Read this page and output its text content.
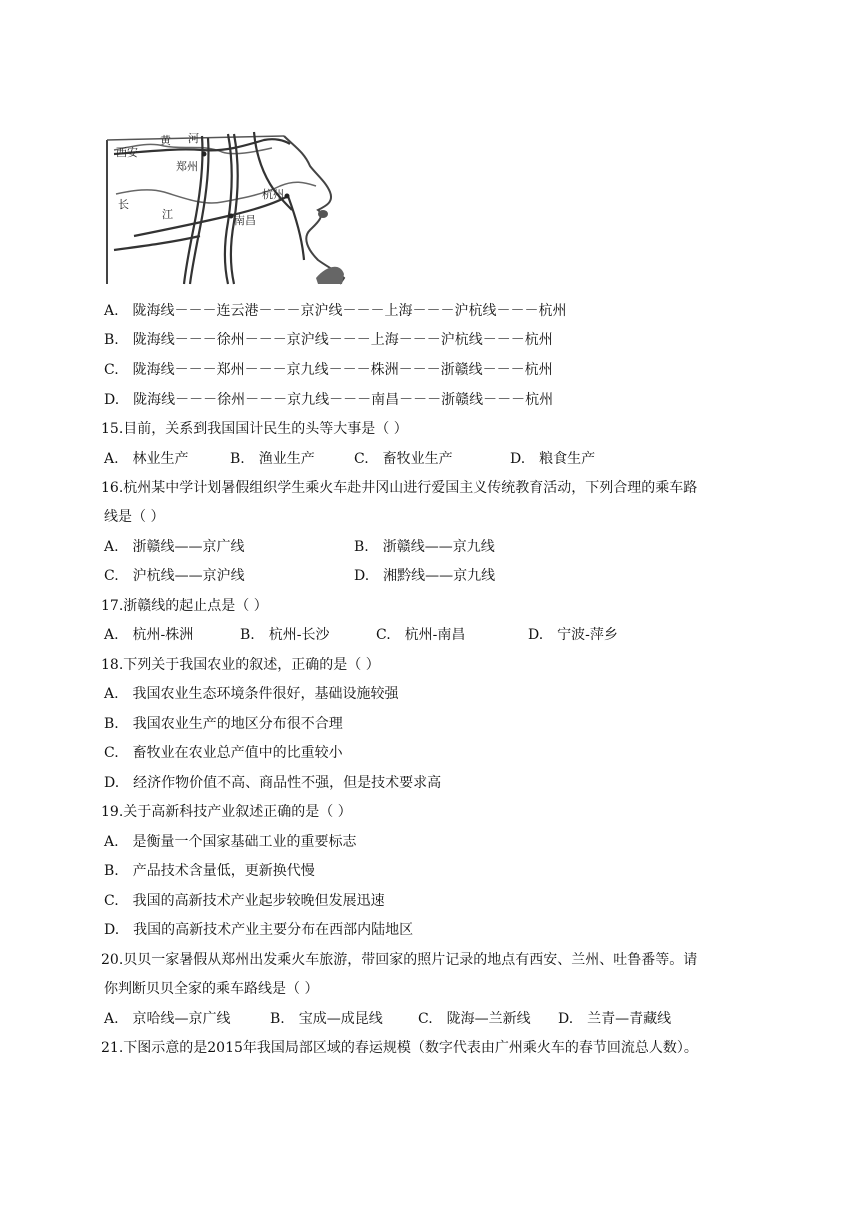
西安
黄 河
郑州
长
江	南昌
杭州
A.　陇海线－－－连云港－－－京沪线－－－上海－－－沪杭线－－－杭州
B.　陇海线－－－徐州－－－京沪线－－－上海－－－沪杭线－－－杭州
C.　陇海线－－－郑州－－－京九线－－－株洲－－－浙赣线－－－杭州
D.　陇海线－－－徐州－－－京九线－－－南昌－－－浙赣线－－－杭州
15.目前，关系到我国国计民生的头等大事是（ ）
A.　林业生产	B.　渔业生产	C.　畜牧业生产	D.　粮食生产
16.杭州某中学计划暑假组织学生乘火车赴井冈山进行爱国主义传统教育活动，下列合理的乘车路
线是（ ）
A.　浙赣线——京广线	B.　浙赣线——京九线
C.　沪杭线——京沪线	D.　湘黔线——京九线
17.浙赣线的起止点是（ ）
A.　杭州-株洲	B.　杭州-长沙	C.　杭州-南昌	D.　宁波-萍乡
18.下列关于我国农业的叙述，正确的是（ ）
A.　我国农业生态环境条件很好，基础设施较强
B.　我国农业生产的地区分布很不合理
C.　畜牧业在农业总产值中的比重较小
D.　经济作物价值不高、商品性不强，但是技术要求高
19.关于高新科技产业叙述正确的是（ ）
A.　是衡量一个国家基础工业的重要标志
B.　产品技术含量低，更新换代慢
C.　我国的高新技术产业起步较晚但发展迅速
D.　我国的高新技术产业主要分布在西部内陆地区
20.贝贝一家暑假从郑州出发乘火车旅游，带回家的照片记录的地点有西安、兰州、吐鲁番等。请
你判断贝贝全家的乘车路线是（ ）
A.　京哈线—京广线	B.　宝成—成昆线	C.　陇海—兰新线 D.　兰青—青藏线
21.下图示意的是2015年我国局部区域的春运规模（数字代表由广州乘火车的春节回流总人数）。
